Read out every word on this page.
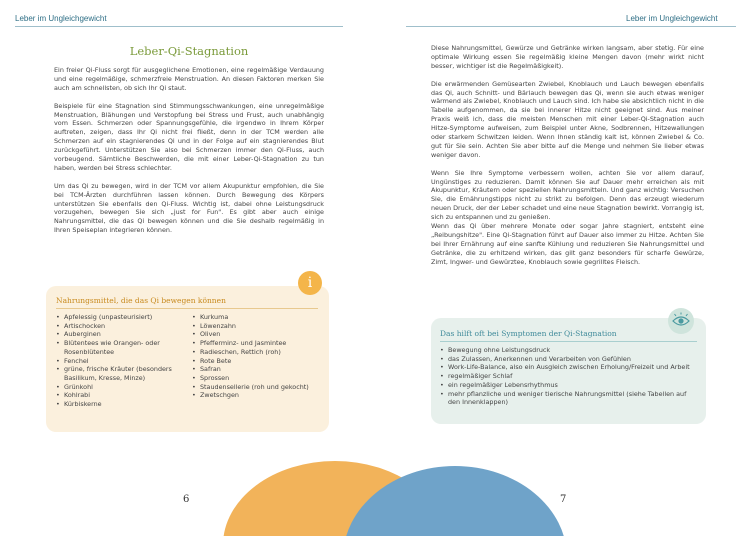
Leber im Ungleichgewicht
Leber-Qi-Stagnation

Ein freier Qi-Fluss sorgt für ausgeglichene Emotionen, eine regelmäßige Verdauung und eine regelmäßige, schmerzfreie Menstruation. An diesen Faktoren merken Sie auch am schnellsten, ob sich Ihr Qi staut.

Beispiele für eine Stagnation sind Stimmungsschwankungen, eine unregelmäßige Menstruation, Blähungen und Verstopfung bei Stress und Frust, auch unabhängig vom Essen. Schmerzen oder Spannungsgefühle, die irgendwo in Ihrem Körper auftreten, zeigen, dass Ihr Qi nicht frei fließt, denn in der TCM werden alle Schmerzen auf ein stagnierendes Qi und in der Folge auf ein stagnierendes Blut zurückgeführt. Unterstützen Sie also bei Schmerzen immer den Qi-Fluss, auch vorbeugend. Sämtliche Beschwerden, die mit einer Leber-Qi-Stagnation zu tun haben, werden bei Stress schlechter.

Um das Qi zu bewegen, wird in der TCM vor allem Akupunktur empfohlen, die Sie bei TCM-Ärzten durchführen lassen können. Durch Bewegung des Körpers unterstützen Sie ebenfalls den Qi-Fluss. Wichtig ist, dabei ohne Leistungsdruck vorzugehen, bewegen Sie sich „just for Fun". Es gibt aber auch einige Nahrungsmittel, die das Qi bewegen können und die Sie deshalb regelmäßig in Ihren Speiseplan integrieren können.

Nahrungsmittel, die das Qi bewegen können
• Apfelessig (unpasteurisiert)
• Artischocken
• Auberginen
• Blütentees wie Orangen- oder Rosenblütentee
• Fenchel
• grüne, frische Kräuter (besonders Basilikum, Kresse, Minze)
• Grünkohl
• Kohlrabi
• Kürbiskerne
• Kurkuma
• Löwenzahn
• Oliven
• Pfefferminz- und Jasmintee
• Radieschen, Rettich (roh)
• Rote Bete
• Safran
• Sprossen
• Staudensellerie (roh und gekocht)
• Zwetschgen
i
6
Leber im Ungleichgewicht

Diese Nahrungsmittel, Gewürze und Getränke wirken langsam, aber stetig. Für eine optimale Wirkung essen Sie regelmäßig kleine Mengen davon (mehr wirkt nicht besser, wichtiger ist die Regelmäßigkeit).

Die erwärmenden Gemüsearten Zwiebel, Knoblauch und Lauch bewegen ebenfalls das Qi, auch Schnitt- und Bärlauch bewegen das Qi, wenn sie auch etwas weniger wärmend als Zwiebel, Knoblauch und Lauch sind. Ich habe sie absichtlich nicht in die Tabelle aufgenommen, da sie bei innerer Hitze nicht geeignet sind. Aus meiner Praxis weiß ich, dass die meisten Menschen mit einer Leber-Qi-Stagnation auch Hitze-Symptome aufweisen, zum Beispiel unter Akne, Sodbrennen, Hitzewallungen oder starkem Schwitzen leiden. Wenn Ihnen ständig kalt ist, können Zwiebel & Co. gut für Sie sein. Achten Sie aber bitte auf die Menge und nehmen Sie lieber etwas weniger davon.

Wenn Sie Ihre Symptome verbessern wollen, achten Sie vor allem darauf, Ungünstiges zu reduzieren. Damit können Sie auf Dauer mehr erreichen als mit Akupunktur, Kräutern oder speziellen Nahrungsmitteln. Und ganz wichtig: Versuchen Sie, die Ernährungstipps nicht zu strikt zu befolgen. Denn das erzeugt wiederum neuen Druck, der der Leber schadet und eine neue Stagnation bewirkt. Vorrangig ist, sich zu entspannen und zu genießen.

Wenn das Qi über mehrere Monate oder sogar Jahre stagniert, entsteht eine „Reibungshitze". Eine Qi-Stagnation führt auf Dauer also immer zu Hitze. Achten Sie bei Ihrer Ernährung auf eine sanfte Kühlung und reduzieren Sie Nahrungsmittel und Getränke, die zu erhitzend wirken, das gilt ganz besonders für scharfe Gewürze, Zimt, Ingwer- und Gewürztee, Knoblauch sowie gegrilltes Fleisch.

Das hilft oft bei Symptomen der Qi-Stagnation
• Bewegung ohne Leistungsdruck
• das Zulassen, Anerkennen und Verarbeiten von Gefühlen
• Work-Life-Balance, also ein Ausgleich zwischen Erholung/Freizeit und Arbeit
• regelmäßiger Schlaf
• ein regelmäßiger Lebensrhythmus
• mehr pflanzliche und weniger tierische Nahrungsmittel (siehe Tabellen auf den Innenklappen)
7
